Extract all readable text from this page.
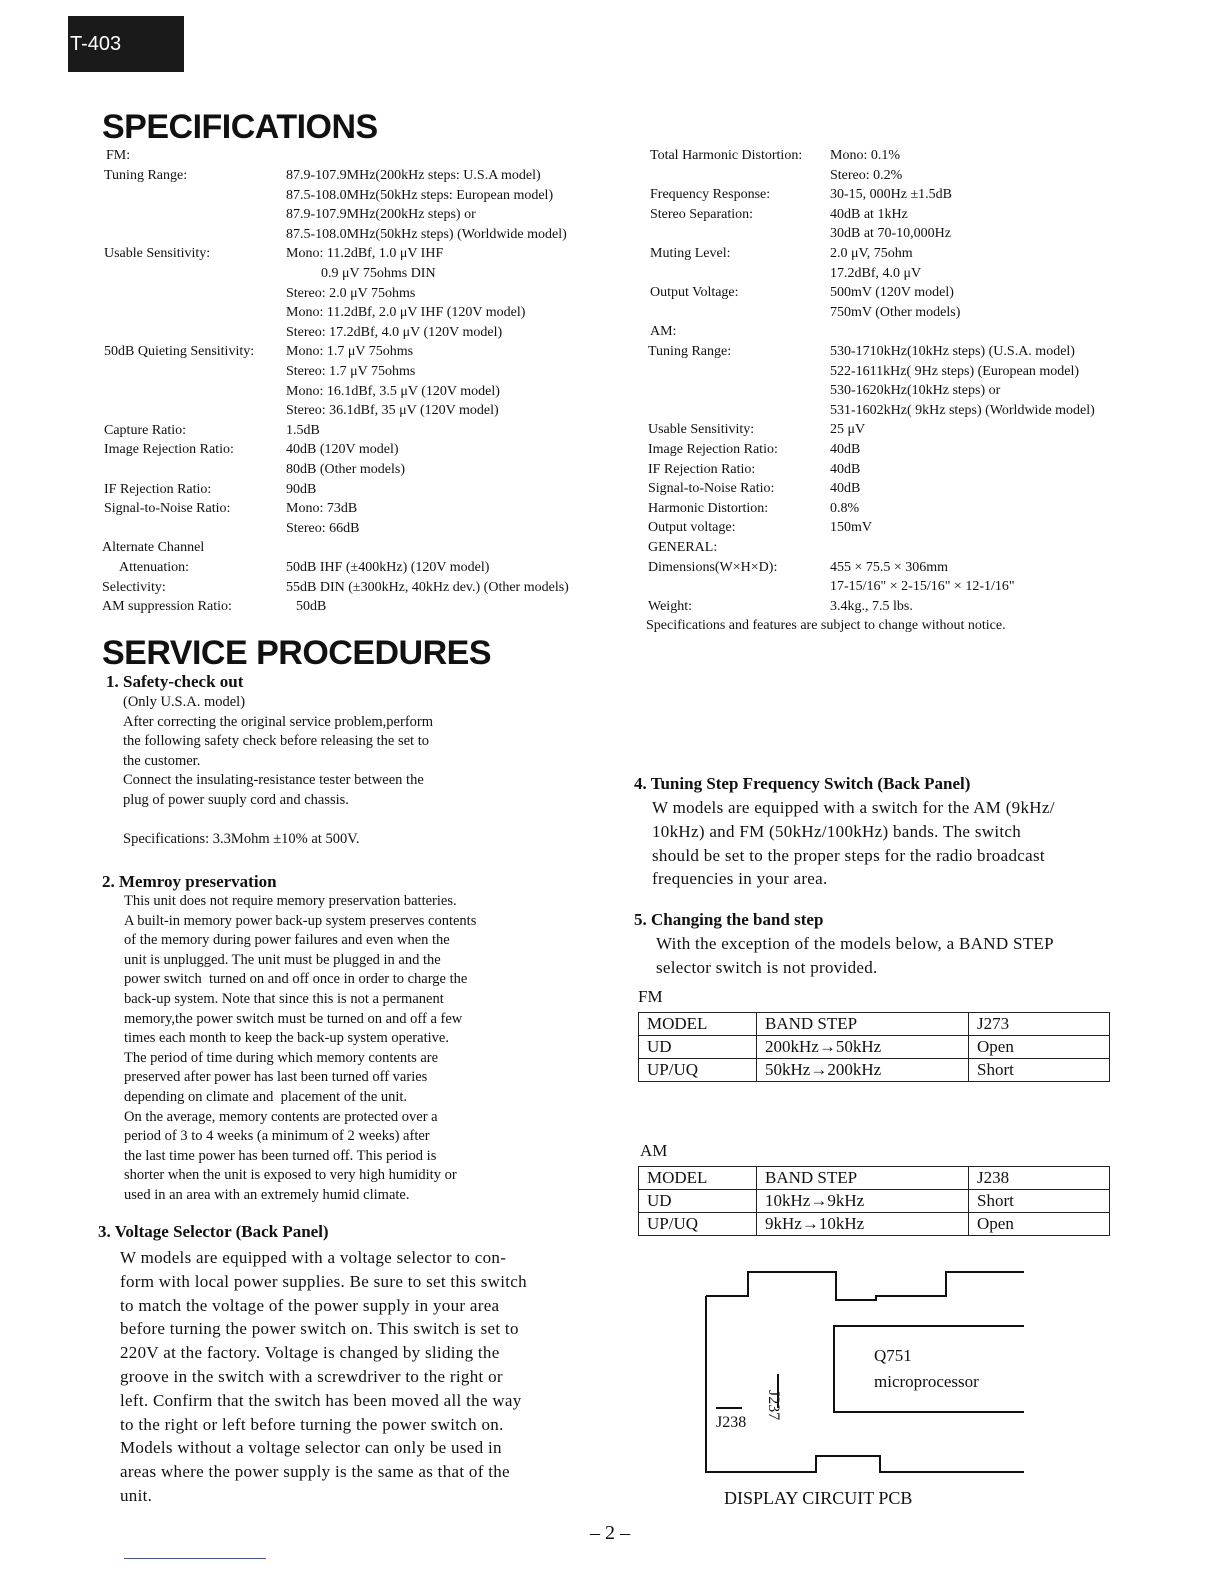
T-403
SPECIFICATIONS
FM:
Tuning Range:	87.9-107.9MHz(200kHz steps: U.S.A model)
87.5-108.0MHz(50kHz steps: European model)
87.9-107.9MHz(200kHz steps) or
87.5-108.0MHz(50kHz steps) (Worldwide model)
Usable Sensitivity:	Mono: 11.2dBf, 1.0 μV IHF
0.9 μV 75ohms DIN
Stereo: 2.0 μV 75ohms
Mono: 11.2dBf, 2.0 μV IHF (120V model)
Stereo: 17.2dBf, 4.0 μV (120V model)
50dB Quieting Sensitivity: Mono: 1.7 μV 75ohms
Stereo: 1.7 μV 75ohms
Mono: 16.1dBf, 3.5 μV (120V model)
Stereo: 36.1dBf, 35 μV (120V model)
Capture Ratio:	1.5dB
Image Rejection Ratio:	40dB (120V model)
80dB (Other models)
IF Rejection Ratio:	90dB
Signal-to-Noise Ratio:	Mono: 73dB
Stereo: 66dB
Alternate Channel
Attenuation:	50dB IHF (±400kHz) (120V model)
Selectivity:	55dB DIN (±300kHz, 40kHz dev.) (Other models)
AM suppression Ratio:	50dB
Total Harmonic Distortion: Mono: 0.1%
Stereo: 0.2%
Frequency Response:	30-15, 000Hz ±1.5dB
Stereo Separation:	40dB at 1kHz
30dB at 70-10,000Hz
Muting Level:	2.0 μV, 75ohm
17.2dBf, 4.0 μV
Output Voltage:	500mV (120V model)
750mV (Other models)
AM:
Tuning Range:	530-1710kHz(10kHz steps) (U.S.A. model)
522-1611kHz( 9Hz steps) (European model)
530-1620kHz(10kHz steps) or
531-1602kHz( 9kHz steps) (Worldwide model)
Usable Sensitivity:	25 μV
Image Rejection Ratio:	40dB
IF Rejection Ratio:	40dB
Signal-to-Noise Ratio:	40dB
Harmonic Distortion:	0.8%
Output voltage:	150mV
GENERAL:
Dimensions(W×H×D):	455 × 75.5 × 306mm
17-15/16" × 2-15/16" × 12-1/16"
Weight:	3.4kg., 7.5 lbs.
Specifications and features are subject to change without notice.
SERVICE PROCEDURES
1. Safety-check out

(Only U.S.A. model)

After correcting the original service problem,perform

the following safety check before releasing the set to

the customer.

Connect the insulating-resistance tester between the

plug of power suuply cord and chassis.

Specifications: 3.3Mohm ±10% at 500V.
2. Memroy preservation

This unit does not require memory preservation batteries.

A built-in memory power back-up system preserves contents

of the memory during power failures and even when the

unit is unplugged. The unit must be plugged in and the

power switch  turned on and off once in order to charge the

back-up system. Note that since this is not a permanent

memory,the power switch must be turned on and off a few

times each month to keep the back-up system operative.

The period of time during which memory contents are

preserved after power has last been turned off varies

depending on climate and  placement of the unit.

On the average, memory contents are protected over a

period of 3 to 4 weeks (a minimum of 2 weeks) after

the last time power has been turned off. This period is

shorter when the unit is exposed to very high humidity or

used in an area with an extremely humid climate.

3. Voltage Selector (Back Panel)

W models are equipped with a voltage selector to con-

form with local power supplies. Be sure to set this switch

to match the voltage of the power supply in your area

before turning the power switch on. This switch is set to

220V at the factory. Voltage is changed by sliding the

groove in the switch with a screwdriver to the right or

left. Confirm that the switch has been moved all the way

to the right or left before turning the power switch on.

Models without a voltage selector can only be used in

areas where the power supply is the same as that of the

unit.

4. Tuning Step Frequency Switch (Back Panel)

W models are equipped with a switch for the AM (9kHz/

10kHz) and FM (50kHz/100kHz) bands. The switch

should be set to the proper steps for the radio broadcast

frequencies in your area.

5. Changing the band step

With the exception of the models below, a BAND STEP

selector switch is not provided.

FM
MODEL	BAND STEP	J273
UD	200kHz→50kHz	Open
UP/UQ	50kHz→200kHz	Short
AM
MODEL	BAND STEP	J238
UD	10kHz→9kHz	Short
UP/UQ	9kHz→10kHz	Open
Q751
microprocessor
J237
J238
DISPLAY CIRCUIT PCB
– 2 –
